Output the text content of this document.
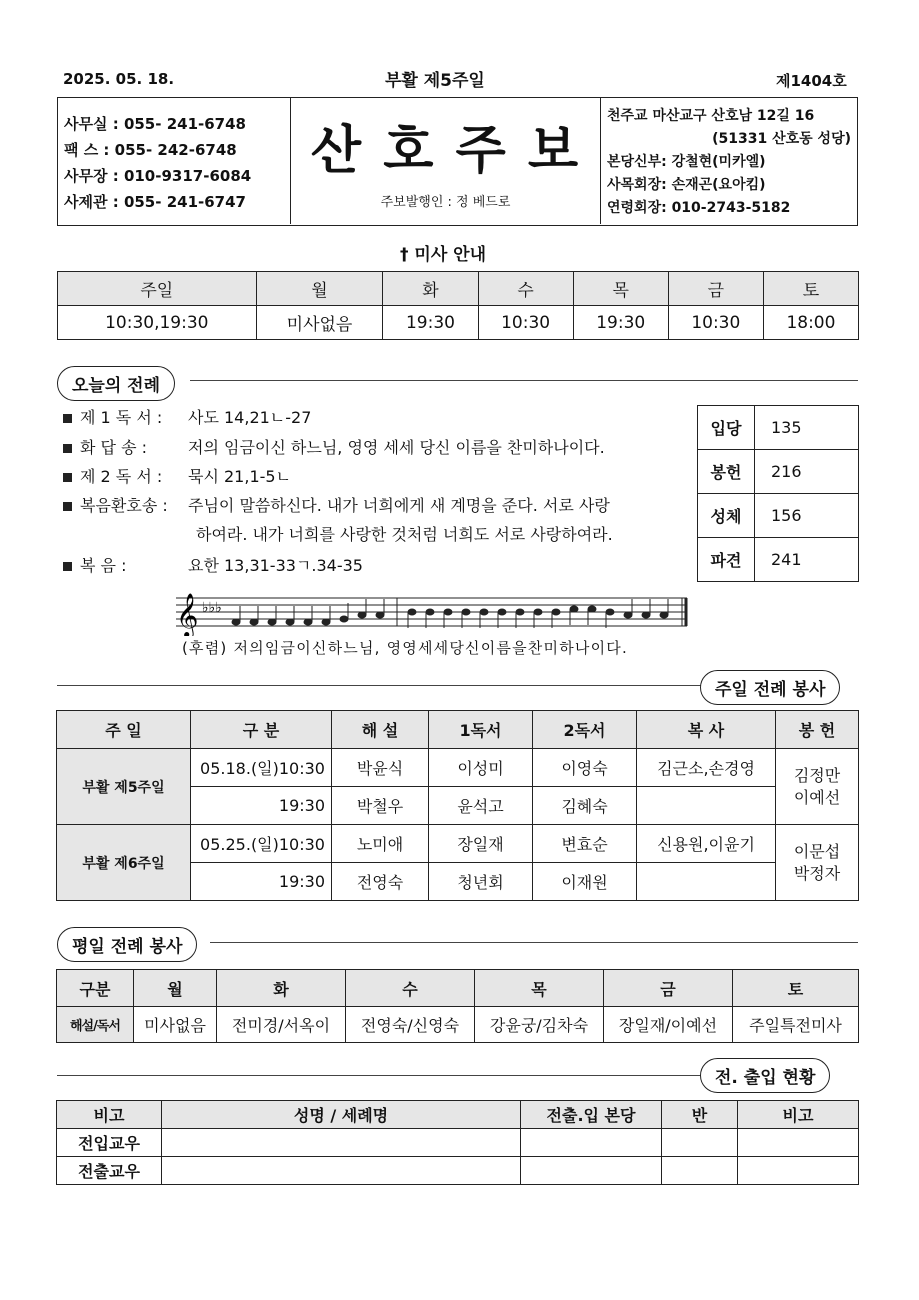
2025. 05. 18.	부활 제5주일	제1404호
사무실 : 055- 241-6748
팩 스 : 055- 242-6748
사무장 : 010-9317-6084
사제관 : 055- 241-6747
산 호 주 보
주보발행인 : 정 베드로
천주교 마산교구 산호남 12길 16
(51331 산호동 성당)
본당신부: 강철현(미카엘)
사목회장: 손재곤(요아킴)
연령회장: 010-2743-5182
† 미사 안내
주일	월	화	수	목	금	토
10:30,19:30	미사없음	19:30	10:30	19:30	10:30	18:00
오늘의 전례
제 1 독 서 : 사도 14,21ㄴ-27
화 답 송 :	저의 임금이신 하느님, 영영 세세 당신 이름을 찬미하나이다.
제 2 독 서 : 묵시 21,1-5ㄴ
복음환호송 : 주님이 말씀하신다. 내가 너희에게 새 계명을 준다. 서로 사랑
하여라. 내가 너희를 사랑한 것처럼 너희도 서로 사랑하여라.
복 음 :	요한 13,31-33ㄱ.34-35
입당	135
봉헌	216
성체	156
파견	241
𝄞 ♭♭♭
(후렴) 저의임금이신하느님, 영영세세당신이름을찬미하나이다.
주일 전례 봉사
주 일	구 분	해 설	1독서	2독서	복 사	봉 헌
부활 제5주일	05.18.(일)10:30	박윤식	이성미	이영숙	김근소,손경영	김정만
이예선

	19:30	박철우	윤석고	김혜숙		
부활 제6주일	05.25.(일)10:30	노미애	장일재	변효순	신용원,이윤기	이문섭
박정자

	19:30	전영숙	청년회	이재원		
평일 전례 봉사
구분	월	화	수	목	금	토
해설/독서	미사없음	전미경/서옥이	전영숙/신영숙	강윤궁/김차숙	장일재/이예선	주일특전미사
전. 출입 현황
비고	성명 / 세례명	전출.입 본당	반	비고
전입교우				
전출교우				
